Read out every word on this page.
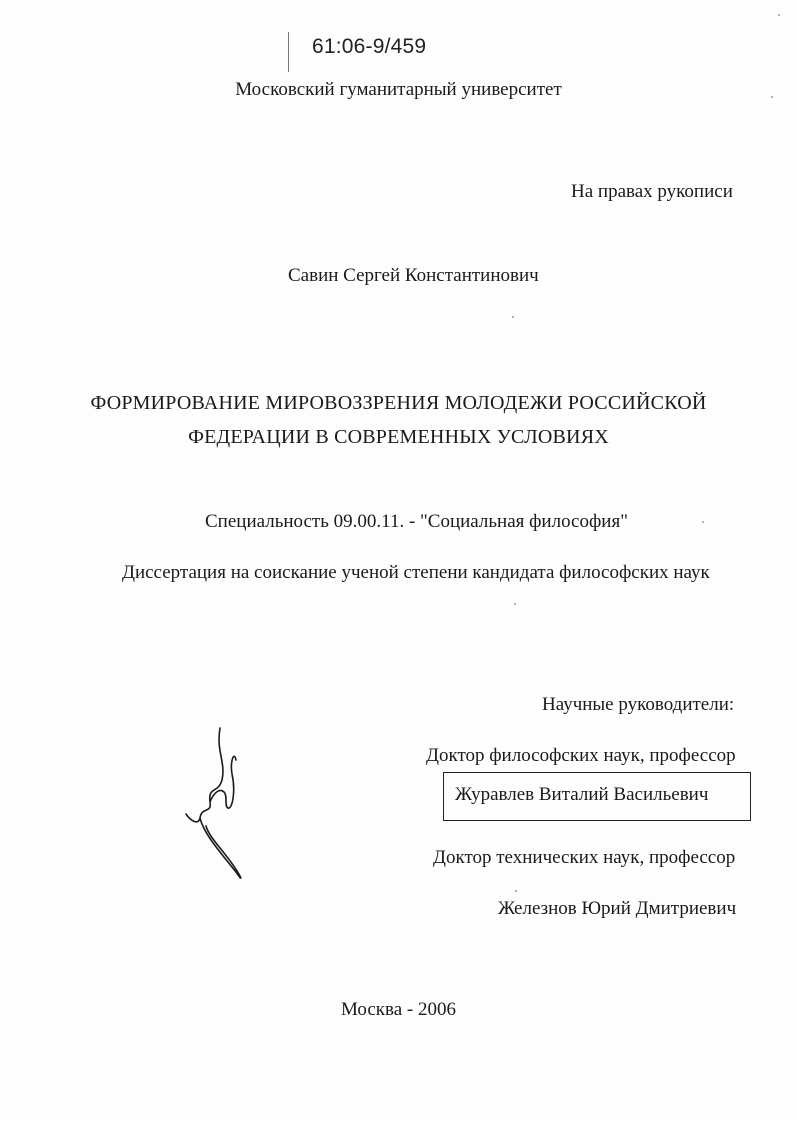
61:06-9/459
Московский гуманитарный университет
На правах рукописи
Савин Сергей Константинович
ФОРМИРОВАНИЕ МИРОВОЗЗРЕНИЯ МОЛОДЕЖИ РОССИЙСКОЙ
ФЕДЕРАЦИИ В СОВРЕМЕННЫХ УСЛОВИЯХ
Специальность 09.00.11. - "Социальная философия"
Диссертация на соискание ученой степени кандидата философских наук
Научные руководители:
Доктор философских наук, профессор
Журавлев Виталий Васильевич
Доктор технических наук, профессор
Железнов Юрий Дмитриевич
Москва - 2006
